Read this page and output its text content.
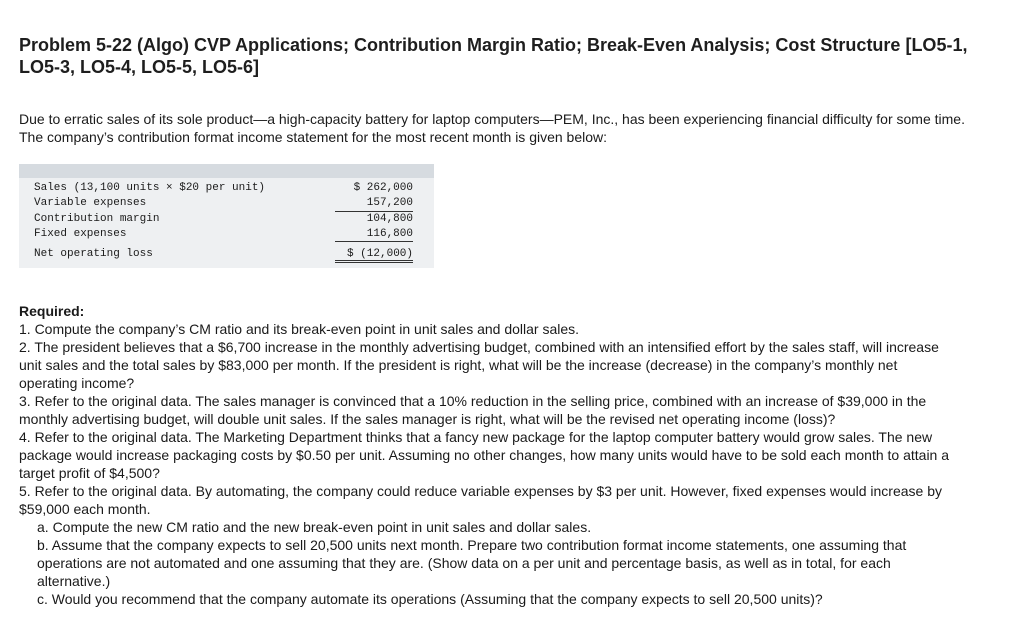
Problem 5-22 (Algo) CVP Applications; Contribution Margin Ratio; Break-Even Analysis; Cost Structure [LO5-1, LO5-3, LO5-4, LO5-5, LO5-6]

Due to erratic sales of its sole product—a high-capacity battery for laptop computers—PEM, Inc., has been experiencing financial difficulty for some time. The company’s contribution format income statement for the most recent month is given below:

Sales (13,100 units × $20 per unit)	$ 262,000
Variable expenses	157,200
Contribution margin	104,800
Fixed expenses	116,800
Net operating loss	$ (12,000)

Required:

1. Compute the company’s CM ratio and its break-even point in unit sales and dollar sales.

2. The president believes that a $6,700 increase in the monthly advertising budget, combined with an intensified effort by the sales staff, will increase unit sales and the total sales by $83,000 per month. If the president is right, what will be the increase (decrease) in the company’s monthly net operating income?

3. Refer to the original data. The sales manager is convinced that a 10% reduction in the selling price, combined with an increase of $39,000 in the monthly advertising budget, will double unit sales. If the sales manager is right, what will be the revised net operating income (loss)?

4. Refer to the original data. The Marketing Department thinks that a fancy new package for the laptop computer battery would grow sales. The new package would increase packaging costs by $0.50 per unit. Assuming no other changes, how many units would have to be sold each month to attain a target profit of $4,500?

5. Refer to the original data. By automating, the company could reduce variable expenses by $3 per unit. However, fixed expenses would increase by $59,000 each month.

a. Compute the new CM ratio and the new break-even point in unit sales and dollar sales.

b. Assume that the company expects to sell 20,500 units next month. Prepare two contribution format income statements, one assuming that operations are not automated and one assuming that they are. (Show data on a per unit and percentage basis, as well as in total, for each alternative.)

c. Would you recommend that the company automate its operations (Assuming that the company expects to sell 20,500 units)?
